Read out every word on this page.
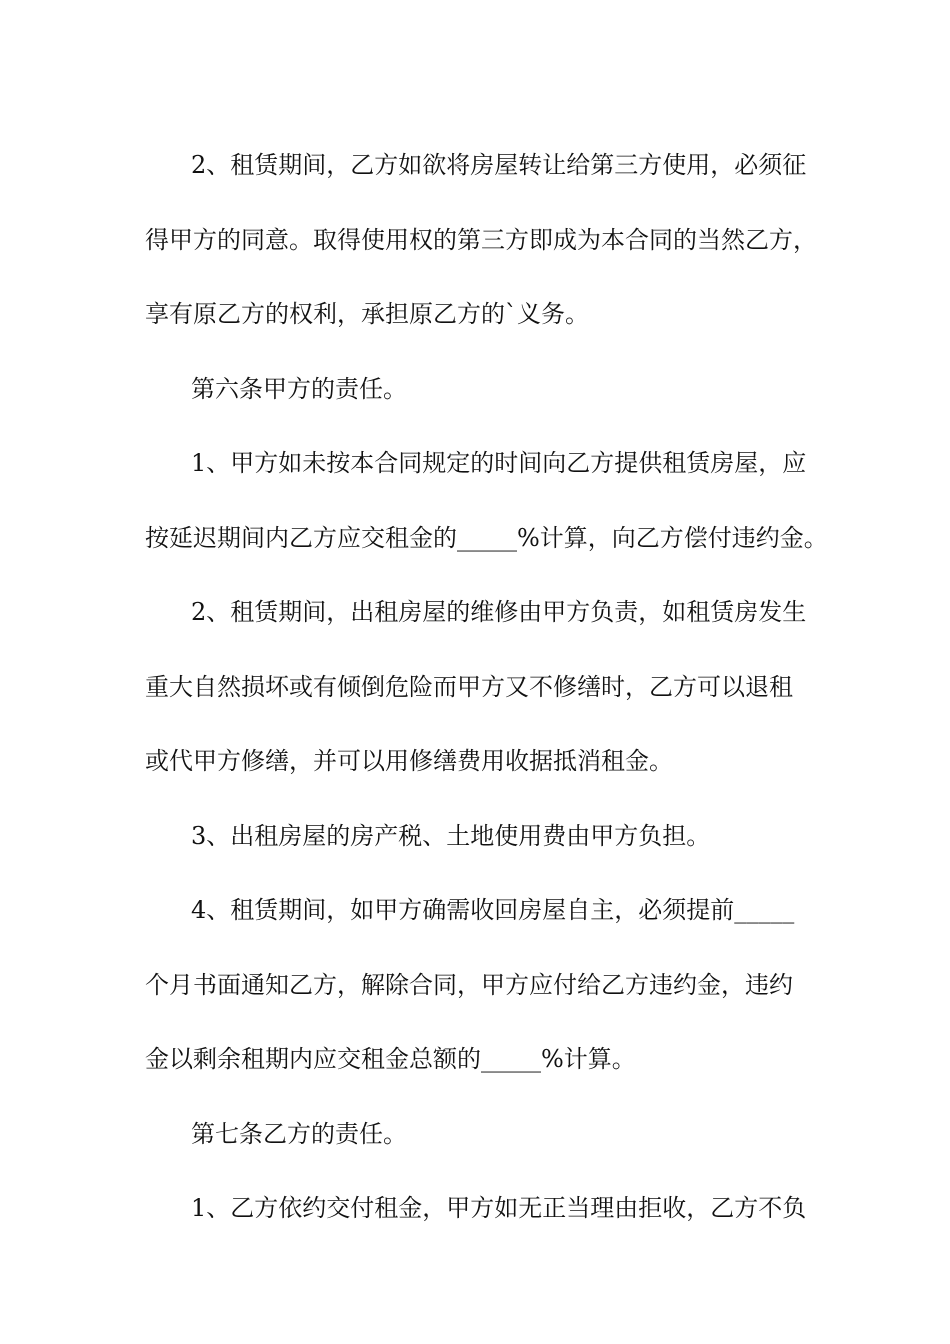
2、租赁期间，乙方如欲将房屋转让给第三方使用，必须征
得甲方的同意。取得使用权的第三方即成为本合同的当然乙方，
享有原乙方的权利，承担原乙方的`义务。
第六条甲方的责任。
1、甲方如未按本合同规定的时间向乙方提供租赁房屋，应
按延迟期间内乙方应交租金的_____%计算，向乙方偿付违约金。
2、租赁期间，出租房屋的维修由甲方负责，如租赁房发生
重大自然损坏或有倾倒危险而甲方又不修缮时，乙方可以退租
或代甲方修缮，并可以用修缮费用收据抵消租金。
3、出租房屋的房产税、土地使用费由甲方负担。
4、租赁期间，如甲方确需收回房屋自主，必须提前_____
个月书面通知乙方，解除合同，甲方应付给乙方违约金，违约
金以剩余租期内应交租金总额的_____%计算。
第七条乙方的责任。
1、乙方依约交付租金，甲方如无正当理由拒收，乙方不负
